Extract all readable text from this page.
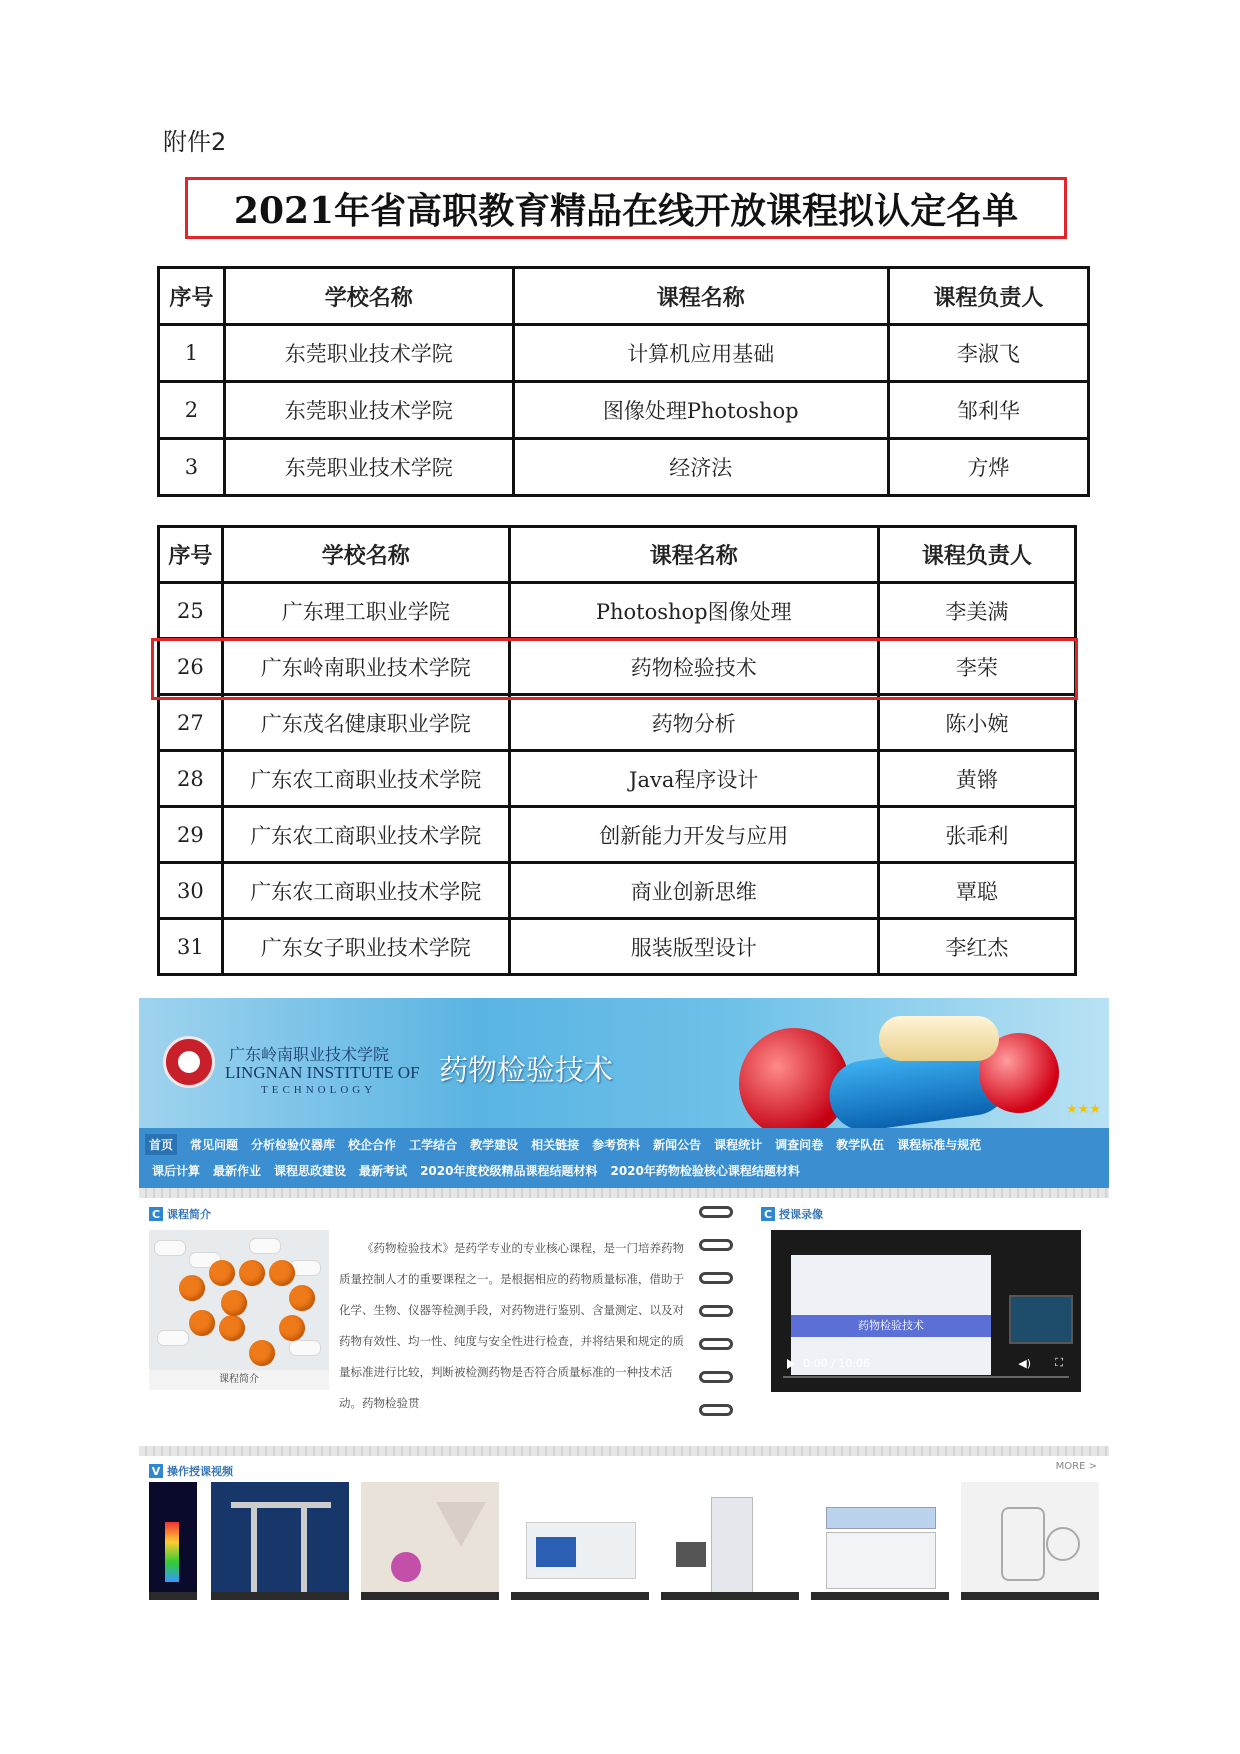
附件2
2021年省高职教育精品在线开放课程拟认定名单
序号	学校名称	课程名称	课程负责人
1	东莞职业技术学院	计算机应用基础	李淑飞
2	东莞职业技术学院	图像处理Photoshop	邹利华
3	东莞职业技术学院	经济法	方烨
序号	学校名称	课程名称	课程负责人
25	广东理工职业学院	Photoshop图像处理	李美满
26	广东岭南职业技术学院	药物检验技术	李荣
27	广东茂名健康职业学院	药物分析	陈小婉
28	广东农工商职业技术学院	Java程序设计	黄锵
29	广东农工商职业技术学院	创新能力开发与应用	张乖利
30	广东农工商职业技术学院	商业创新思维	覃聪
31	广东女子职业技术学院	服装版型设计	李红杰
广东岭南职业技术学院
LINGNAN INSTITUTE OF
TECHNOLOGY
药物检验技术
★★★
首页	常见问题 分析检验仪器库 校企合作 工学结合 教学建设 相关链接 参考资料 新闻公告 课程统计 调查问卷 教学队伍 课程标准与规范
课后计算 最新作业 课程思政建设 最新考试 2020年度校级精品课程结题材料 2020年药物检验核心课程结题材料
C 课程简介
课程简介
《药物检验技术》是药学专业的专业核心课程，是一门培养药物质量控制人才的重要课程之一。是根据相应的药物质量标准，借助于化学、生物、仪器等检测手段，对药物进行鉴别、含量测定、以及对药物有效性、均一性、纯度与安全性进行检查，并将结果和规定的质量标准进行比较，判断被检测药物是否符合质量标准的一种技术活动。药物检验贯
C 授课录像
药物检验技术
0:00 / 10:06	◀) ⛶
V 操作授课视频	MORE >
